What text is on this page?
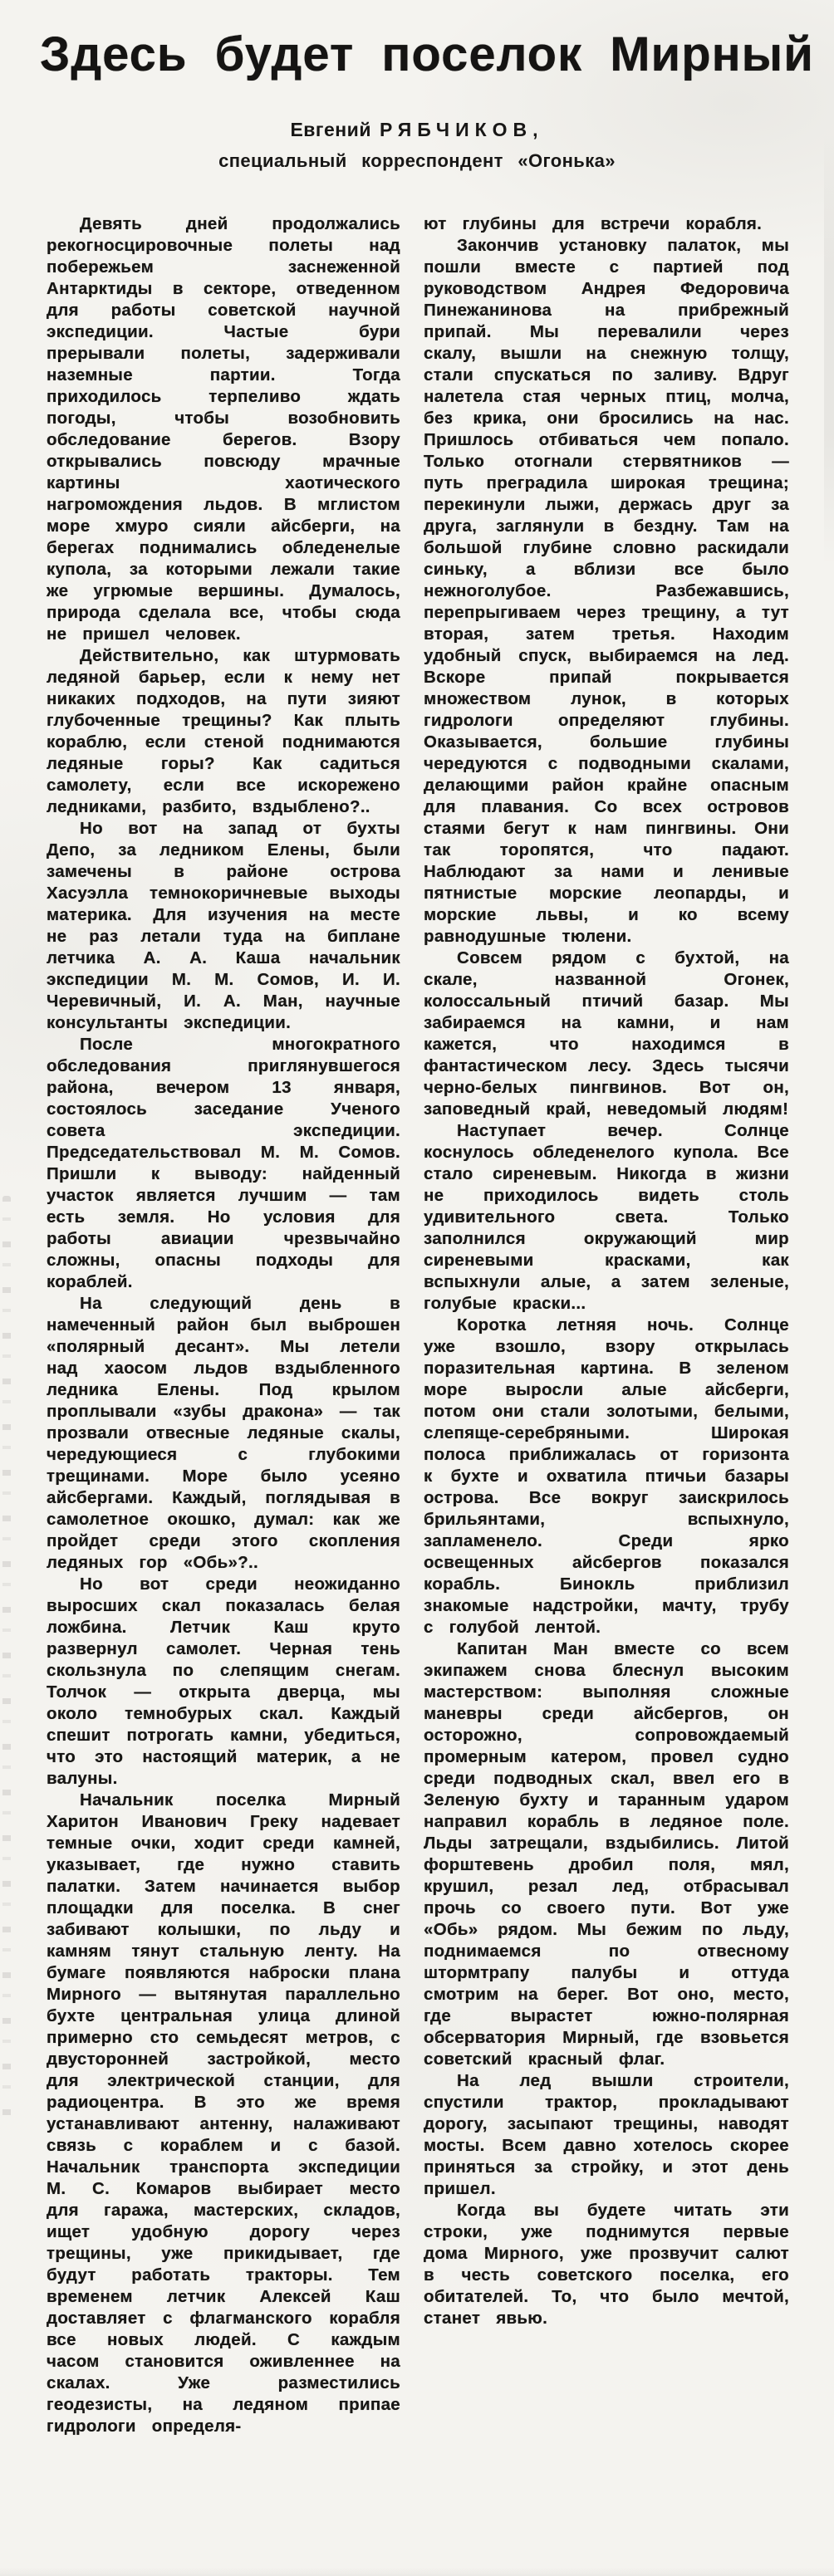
Здесь будет поселок Мирный
Евгений РЯБЧИКОВ,
специальный корреспондент «Огонька»

Девять дней продолжались рекогносцировочные полеты над побережьем заснеженной Антарктиды в секторе, отведенном для работы советской научной экспедиции. Частые бури прерывали полеты, задерживали наземные партии. Тогда приходилось терпеливо ждать погоды, чтобы возобновить обследование берегов. Взору открывались повсюду мрачные картины хаотического нагромождения льдов. В мглистом море хмуро сияли айсберги, на берегах поднимались обледенелые купола, за которыми лежали такие же угрюмые вершины. Думалось, природа сделала все, чтобы сюда не пришел человек.

Действительно, как штурмовать ледяной барьер, если к нему нет никаких подходов, на пути зияют глубоченные трещины? Как плыть кораблю, если стеной поднимаются ледяные горы? Как садиться самолету, если все искорежено ледниками, разбито, вздыблено?..

Но вот на запад от бухты Депо, за ледником Елены, были замечены в районе острова Хасуэлла темнокоричневые выходы материка. Для изучения на месте не раз летали туда на биплане летчика А. А. Каша начальник экспедиции М. М. Сомов, И. И. Черевичный, И. А. Ман, научные консультанты экспедиции.

После многократного обследования приглянувшегося района, вечером 13 января, состоялось заседание Ученого совета экспедиции. Председательствовал М. М. Сомов. Пришли к выводу: найденный участок является лучшим — там есть земля. Но условия для работы авиации чрезвычайно сложны, опасны подходы для кораблей.

На следующий день в намеченный район был выброшен «полярный десант». Мы летели над хаосом льдов вздыбленного ледника Елены. Под крылом проплывали «зубы дракона» — так прозвали отвесные ледяные скалы, чередующиеся с глубокими трещинами. Море было усеяно айсбергами. Каждый, поглядывая в самолетное окошко, думал: как же пройдет среди этого скопления ледяных гор «Обь»?..

Но вот среди неожиданно выросших скал показалась белая ложбина. Летчик Каш круто развернул самолет. Черная тень скользнула по слепящим снегам. Толчок — открыта дверца, мы около темнобурых скал. Каждый спешит потрогать камни, убедиться, что это настоящий материк, а не валуны.

Начальник поселка Мирный Харитон Иванович Греку надевает темные очки, ходит среди камней, указывает, где нужно ставить палатки. Затем начинается выбор площадки для поселка. В снег забивают колышки, по льду и камням тянут стальную ленту. На бумаге появляются наброски плана Мирного — вытянутая параллельно бухте центральная улица длиной примерно сто семьдесят метров, с двусторонней застройкой, место для электрической станции, для радиоцентра. В это же время устанавливают антенну, налаживают связь с кораблем и с базой. Начальник транспорта экспедиции М. С. Комаров выбирает место для гаража, мастерских, складов, ищет удобную дорогу через трещины, уже прикидывает, где будут работать тракторы. Тем временем летчик Алексей Каш доставляет с флагманского корабля все новых людей. С каждым часом становится оживленнее на скалах. Уже разместились геодезисты, на ледяном припае гидрологи определя-

ют глубины для встречи корабля.

Закончив установку палаток, мы пошли вместе с партией под руководством Андрея Федоровича Пинежанинова на прибрежный припай. Мы перевалили через скалу, вышли на снежную толщу, стали спускаться по заливу. Вдруг налетела стая черных птиц, молча, без крика, они бросились на нас. Пришлось отбиваться чем попало. Только отогнали стервятников — путь преградила широкая трещина; перекинули лыжи, держась друг за друга, заглянули в бездну. Там на большой глубине словно раскидали синьку, а вблизи все было нежноголубое. Разбежавшись, перепрыгиваем через трещину, а тут вторая, затем третья. Находим удобный спуск, выбираемся на лед. Вскоре припай покрывается множеством лунок, в которых гидрологи определяют глубины. Оказывается, большие глубины чередуются с подводными скалами, делающими район крайне опасным для плавания. Со всех островов стаями бегут к нам пингвины. Они так торопятся, что падают. Наблюдают за нами и ленивые пятнистые морские леопарды, и морские львы, и ко всему равнодушные тюлени.

Совсем рядом с бухтой, на скале, названной Огонек, колоссальный птичий базар. Мы забираемся на камни, и нам кажется, что находимся в фантастическом лесу. Здесь тысячи черно-белых пингвинов. Вот он, заповедный край, неведомый людям!

Наступает вечер. Солнце коснулось обледенелого купола. Все стало сиреневым. Никогда в жизни не приходилось видеть столь удивительного света. Только заполнился окружающий мир сиреневыми красками, как вспыхнули алые, а затем зеленые, голубые краски...

Коротка летняя ночь. Солнце уже взошло, взору открылась поразительная картина. В зеленом море выросли алые айсберги, потом они стали золотыми, белыми, слепяще-серебряными. Широкая полоса приближалась от горизонта к бухте и охватила птичьи базары острова. Все вокруг заискрилось брильянтами, вспыхнуло, запламенело. Среди ярко освещенных айсбергов показался корабль. Бинокль приблизил знакомые надстройки, мачту, трубу с голубой лентой.

Капитан Ман вместе со всем экипажем снова блеснул высоким мастерством: выполняя сложные маневры среди айсбергов, он осторожно, сопровождаемый промерным катером, провел судно среди подводных скал, ввел его в Зеленую бухту и таранным ударом направил корабль в ледяное поле. Льды затрещали, вздыбились. Литой форштевень дробил поля, мял, крушил, резал лед, отбрасывал прочь со своего пути. Вот уже «Обь» рядом. Мы бежим по льду, поднимаемся по отвесному штормтрапу палубы и оттуда смотрим на берег. Вот оно, место, где вырастет южно-полярная обсерватория Мирный, где взовьется советский красный флаг.

На лед вышли строители, спустили трактор, прокладывают дорогу, засыпают трещины, наводят мосты. Всем давно хотелось скорее приняться за стройку, и этот день пришел.

Когда вы будете читать эти строки, уже поднимутся первые дома Мирного, уже прозвучит салют в честь советского поселка, его обитателей. То, что было мечтой, станет явью.
